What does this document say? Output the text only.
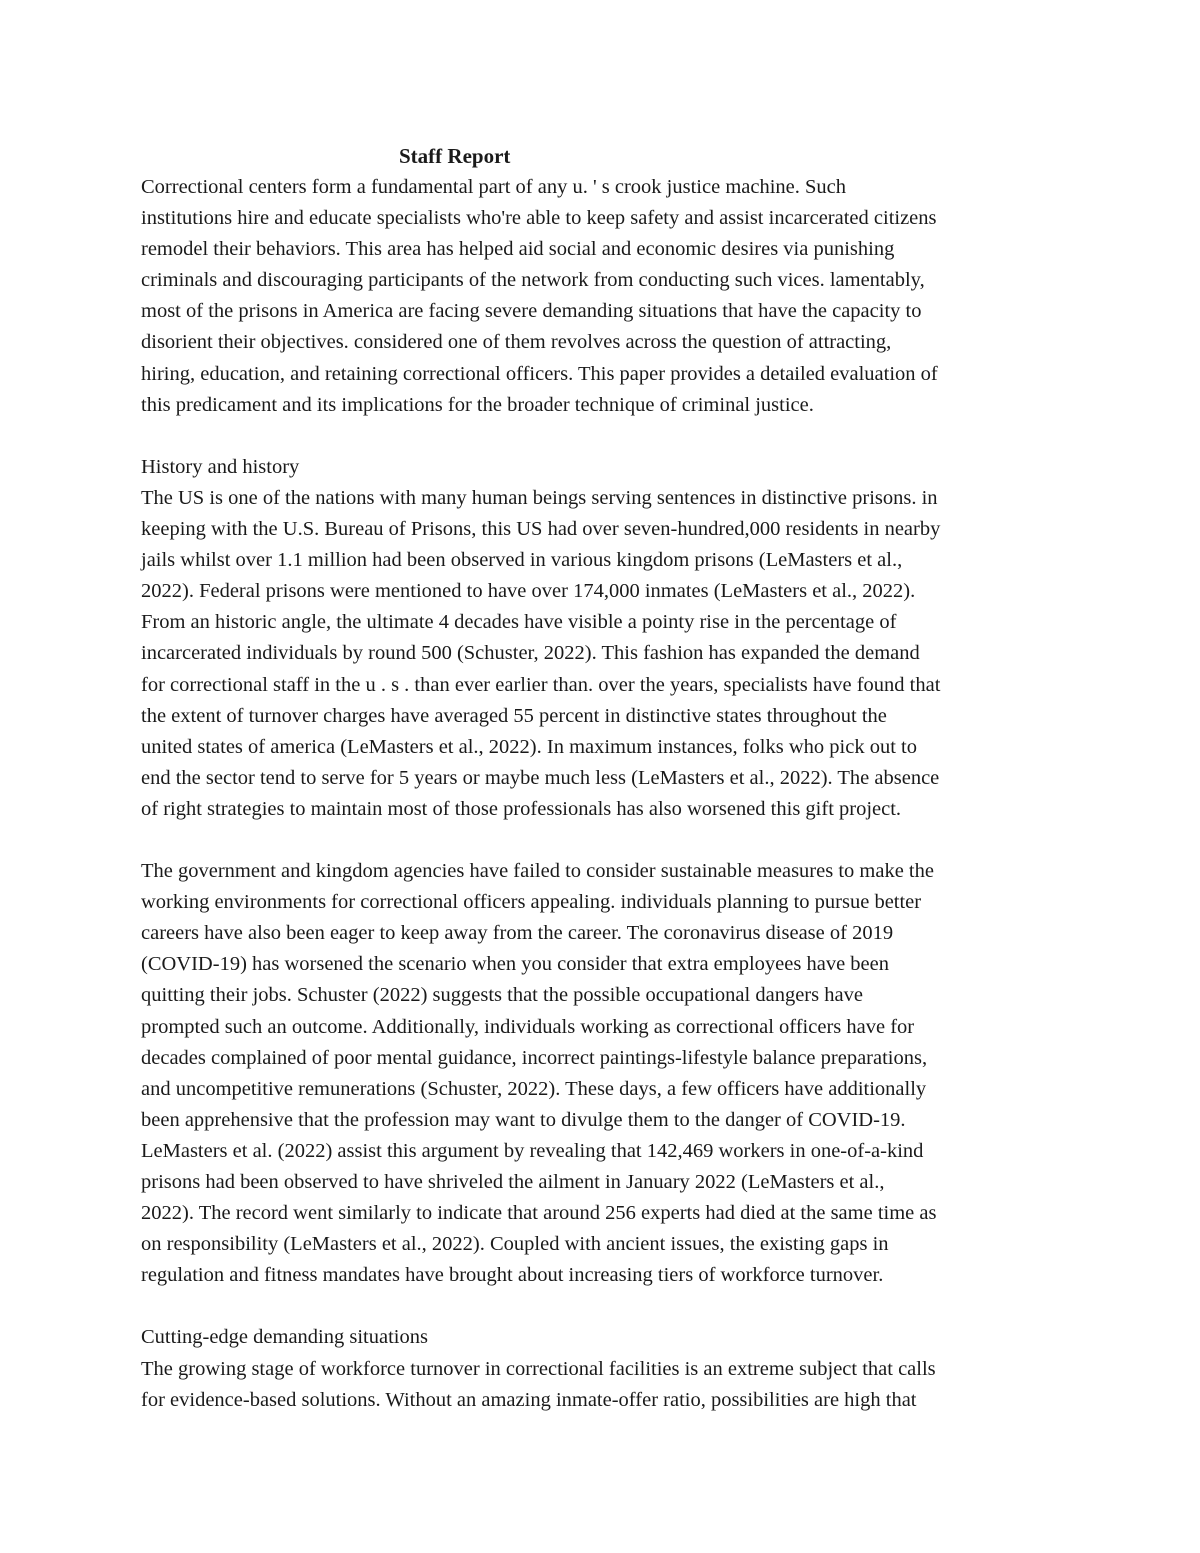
Staff Report
Correctional centers form a fundamental part of any u. ' s crook justice machine. Such
institutions hire and educate specialists who're able to keep safety and assist incarcerated citizens
remodel their behaviors. This area has helped aid social and economic desires via punishing
criminals and discouraging participants of the network from conducting such vices. lamentably,
most of the prisons in America are facing severe demanding situations that have the capacity to
disorient their objectives. considered one of them revolves across the question of attracting,
hiring, education, and retaining correctional officers. This paper provides a detailed evaluation of
this predicament and its implications for the broader technique of criminal justice.
History and history
The US is one of the nations with many human beings serving sentences in distinctive prisons. in
keeping with the U.S. Bureau of Prisons, this US had over seven-hundred,000 residents in nearby
jails whilst over 1.1 million had been observed in various kingdom prisons (LeMasters et al.,
2022). Federal prisons were mentioned to have over 174,000 inmates (LeMasters et al., 2022).
From an historic angle, the ultimate 4 decades have visible a pointy rise in the percentage of
incarcerated individuals by round 500 (Schuster, 2022). This fashion has expanded the demand
for correctional staff in the u . s . than ever earlier than. over the years, specialists have found that
the extent of turnover charges have averaged 55 percent in distinctive states throughout the
united states of america (LeMasters et al., 2022). In maximum instances, folks who pick out to
end the sector tend to serve for 5 years or maybe much less (LeMasters et al., 2022). The absence
of right strategies to maintain most of those professionals has also worsened this gift project.
The government and kingdom agencies have failed to consider sustainable measures to make the
working environments for correctional officers appealing. individuals planning to pursue better
careers have also been eager to keep away from the career. The coronavirus disease of 2019
(COVID-19) has worsened the scenario when you consider that extra employees have been
quitting their jobs. Schuster (2022) suggests that the possible occupational dangers have
prompted such an outcome. Additionally, individuals working as correctional officers have for
decades complained of poor mental guidance, incorrect paintings-lifestyle balance preparations,
and uncompetitive remunerations (Schuster, 2022). These days, a few officers have additionally
been apprehensive that the profession may want to divulge them to the danger of COVID-19.
LeMasters et al. (2022) assist this argument by revealing that 142,469 workers in one-of-a-kind
prisons had been observed to have shriveled the ailment in January 2022 (LeMasters et al.,
2022). The record went similarly to indicate that around 256 experts had died at the same time as
on responsibility (LeMasters et al., 2022). Coupled with ancient issues, the existing gaps in
regulation and fitness mandates have brought about increasing tiers of workforce turnover.
Cutting-edge demanding situations
The growing stage of workforce turnover in correctional facilities is an extreme subject that calls
for evidence-based solutions. Without an amazing inmate-offer ratio, possibilities are high that
